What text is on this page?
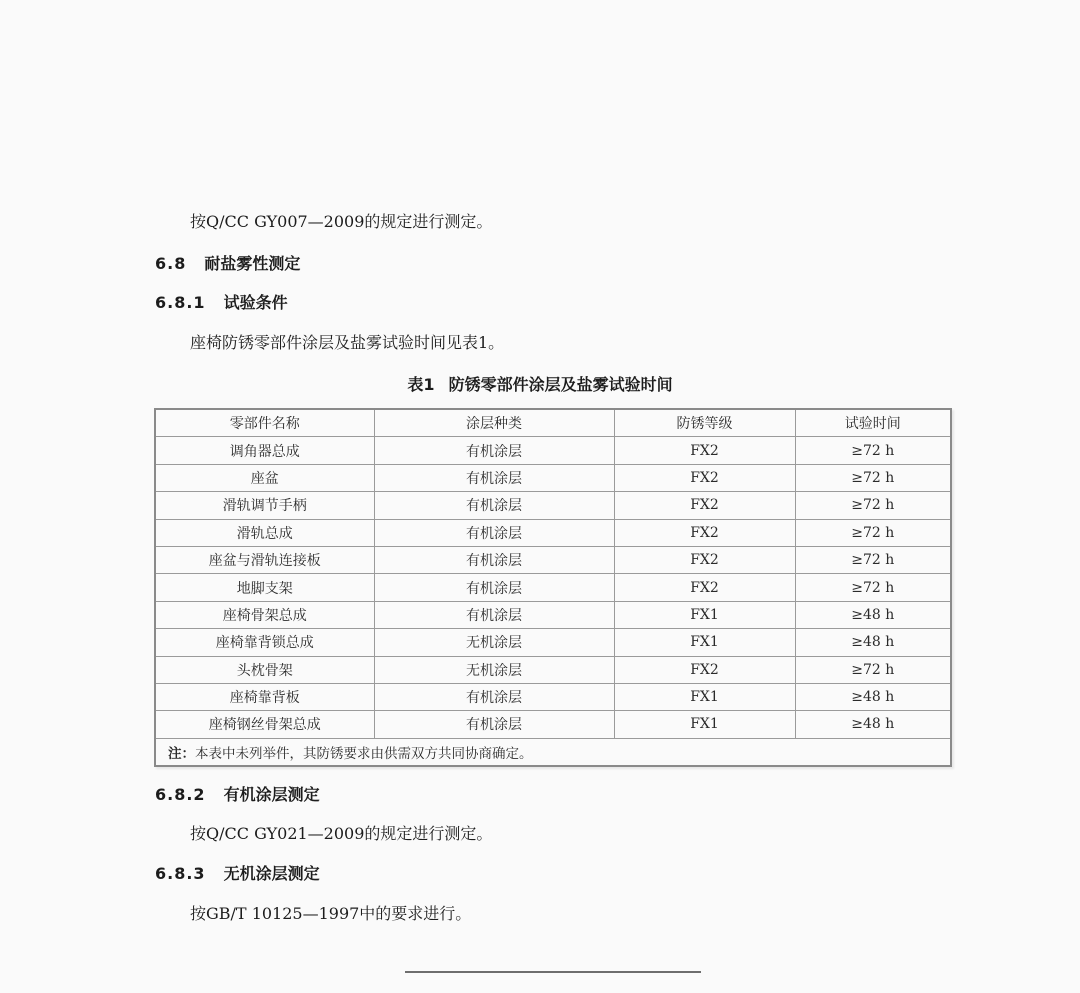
按Q/CC GY007—2009的规定进行测定。
6.8 耐盐雾性测定
6.8.1 试验条件
座椅防锈零部件涂层及盐雾试验时间见表1。
表1 防锈零部件涂层及盐雾试验时间
零部件名称	涂层种类	防锈等级	试验时间
调角器总成	有机涂层	FX2	≥72 h
座盆	有机涂层	FX2	≥72 h
滑轨调节手柄	有机涂层	FX2	≥72 h
滑轨总成	有机涂层	FX2	≥72 h
座盆与滑轨连接板	有机涂层	FX2	≥72 h
地脚支架	有机涂层	FX2	≥72 h
座椅骨架总成	有机涂层	FX1	≥48 h
座椅靠背锁总成	无机涂层	FX1	≥48 h
头枕骨架	无机涂层	FX2	≥72 h
座椅靠背板	有机涂层	FX1	≥48 h
座椅钢丝骨架总成	有机涂层	FX1	≥48 h
注：本表中未列举件，其防锈要求由供需双方共同协商确定。			
6.8.2 有机涂层测定
按Q/CC GY021—2009的规定进行测定。
6.8.3 无机涂层测定
按GB/T 10125—1997中的要求进行。
